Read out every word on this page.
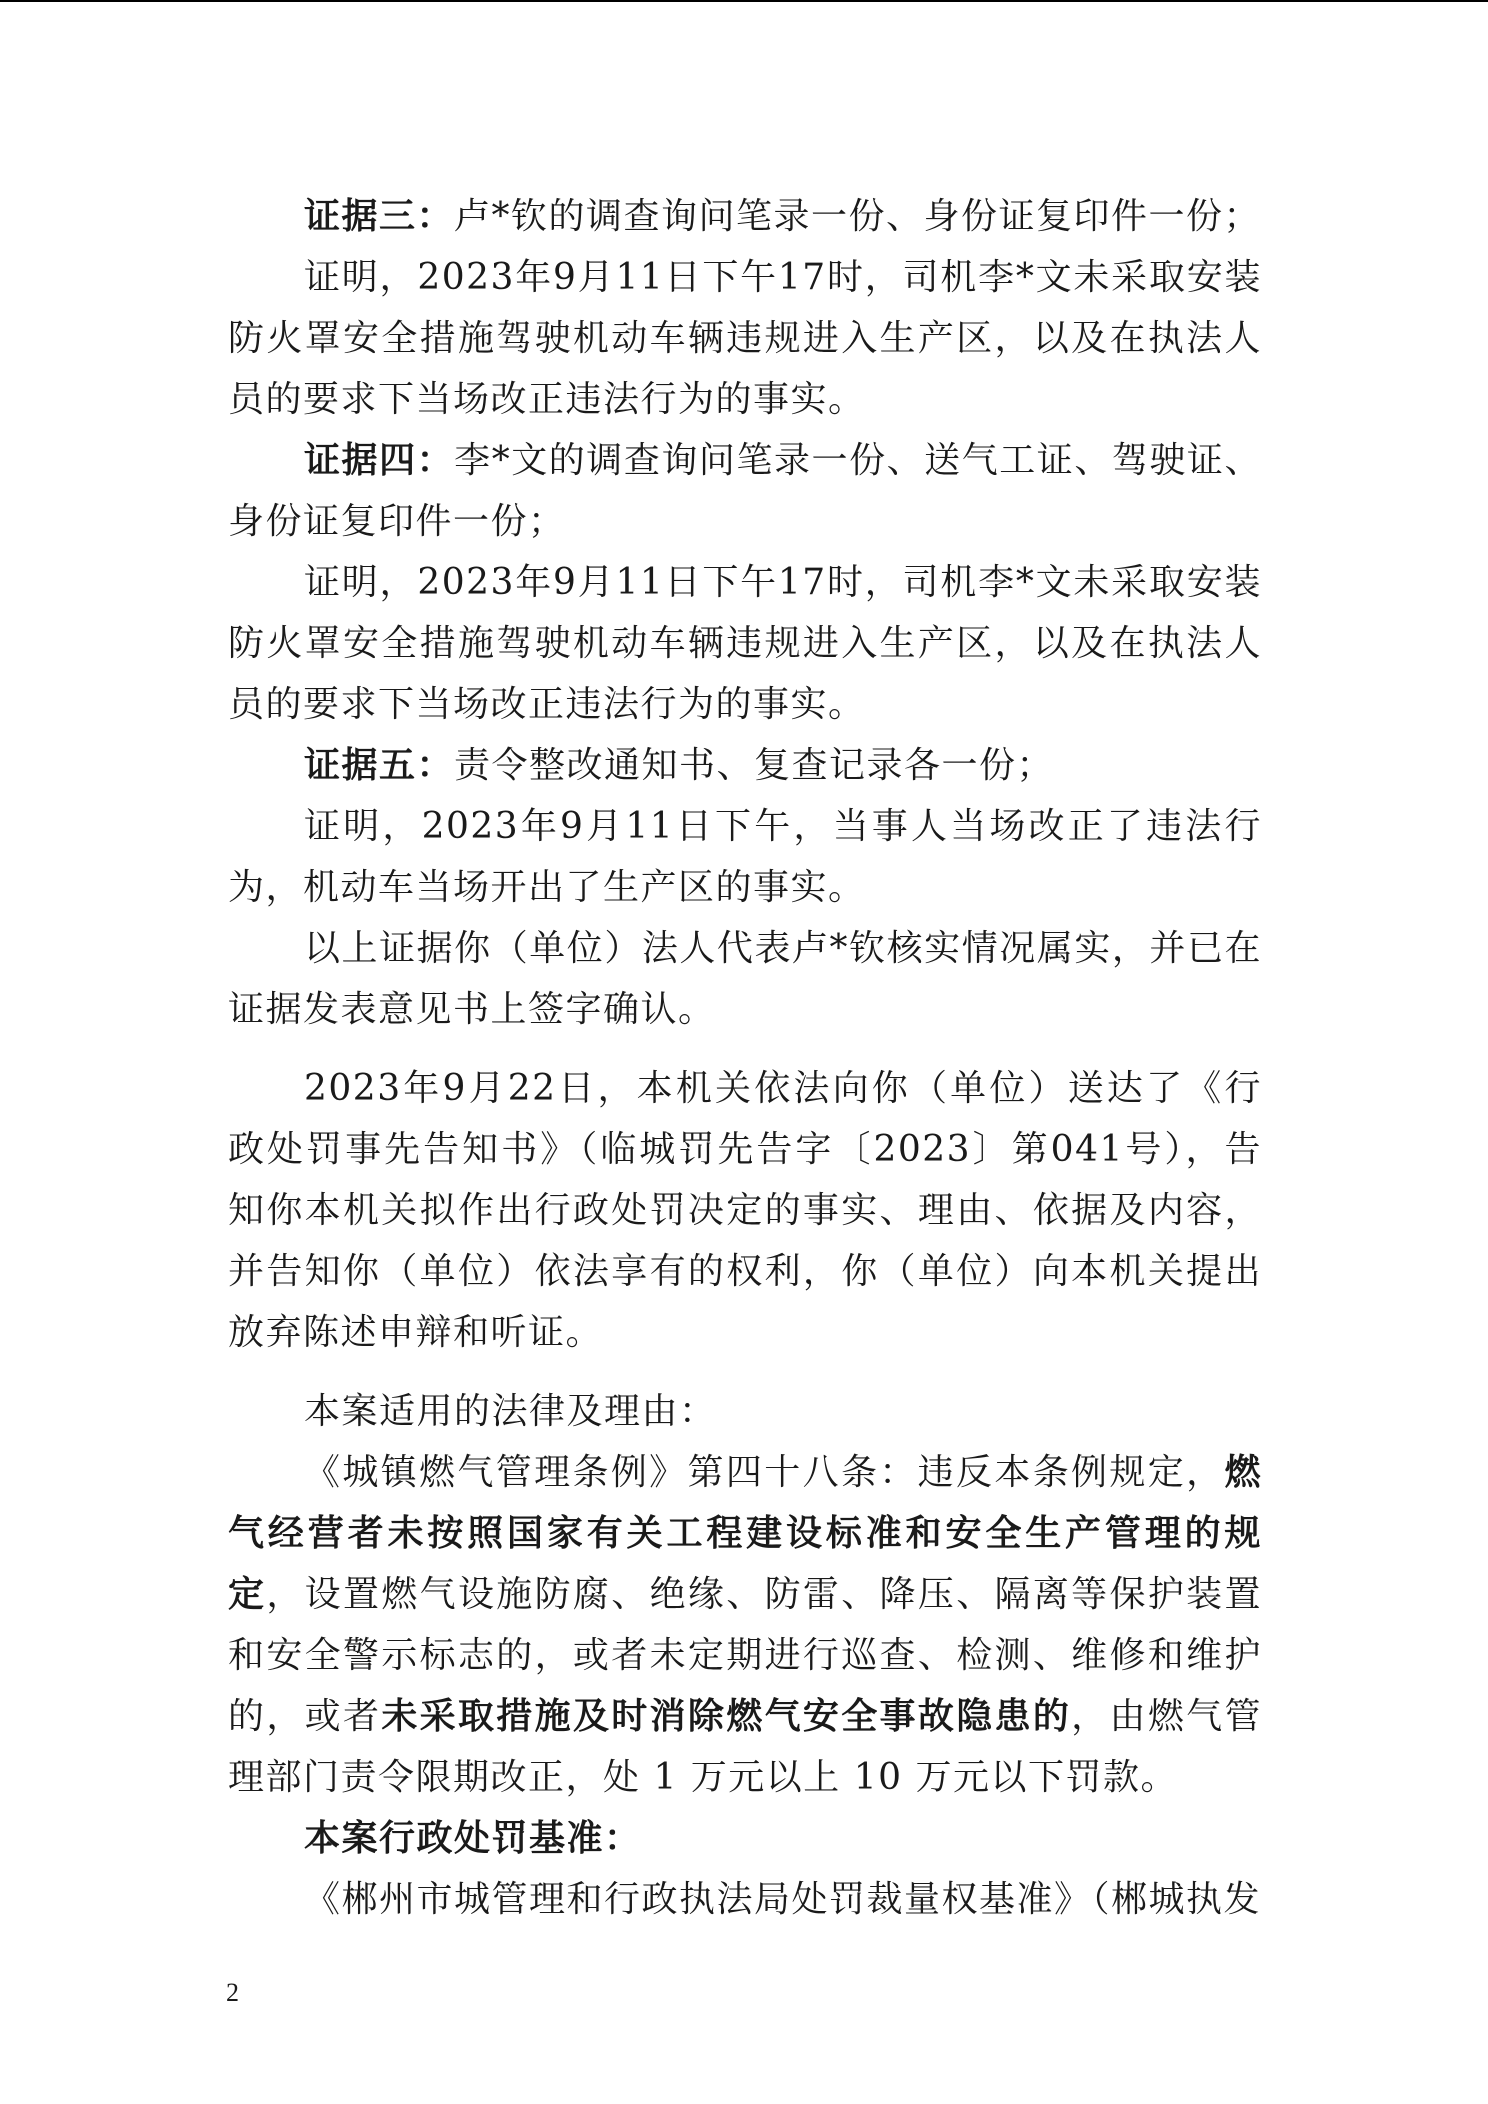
证据三：卢*钦的调查询问笔录一份、身份证复印件一份；

证明，2023年9月11日下午17时，司机李*文未采取安装防火罩安全措施驾驶机动车辆违规进入生产区，以及在执法人员的要求下当场改正违法行为的事实。

证据四：李*文的调查询问笔录一份、送气工证、驾驶证、身份证复印件一份；

证明，2023年9月11日下午17时，司机李*文未采取安装防火罩安全措施驾驶机动车辆违规进入生产区，以及在执法人员的要求下当场改正违法行为的事实。

证据五：责令整改通知书、复查记录各一份；

证明，2023年9月11日下午，当事人当场改正了违法行为，机动车当场开出了生产区的事实。

以上证据你（单位）法人代表卢*钦核实情况属实，并已在证据发表意见书上签字确认。

2023年9月22日，本机关依法向你（单位）送达了《行政处罚事先告知书》（临城罚先告字〔2023〕第041号），告知你本机关拟作出行政处罚决定的事实、理由、依据及内容，并告知你（单位）依法享有的权利，你（单位）向本机关提出放弃陈述申辩和听证。

本案适用的法律及理由：

《城镇燃气管理条例》第四十八条：违反本条例规定，燃气经营者未按照国家有关工程建设标准和安全生产管理的规定，设置燃气设施防腐、绝缘、防雷、降压、隔离等保护装置和安全警示标志的，或者未定期进行巡查、检测、维修和维护的，或者未采取措施及时消除燃气安全事故隐患的，由燃气管理部门责令限期改正，处 1 万元以上 10 万元以下罚款。

本案行政处罚基准：

《郴州市城管理和行政执法局处罚裁量权基准》（郴城执发

2
